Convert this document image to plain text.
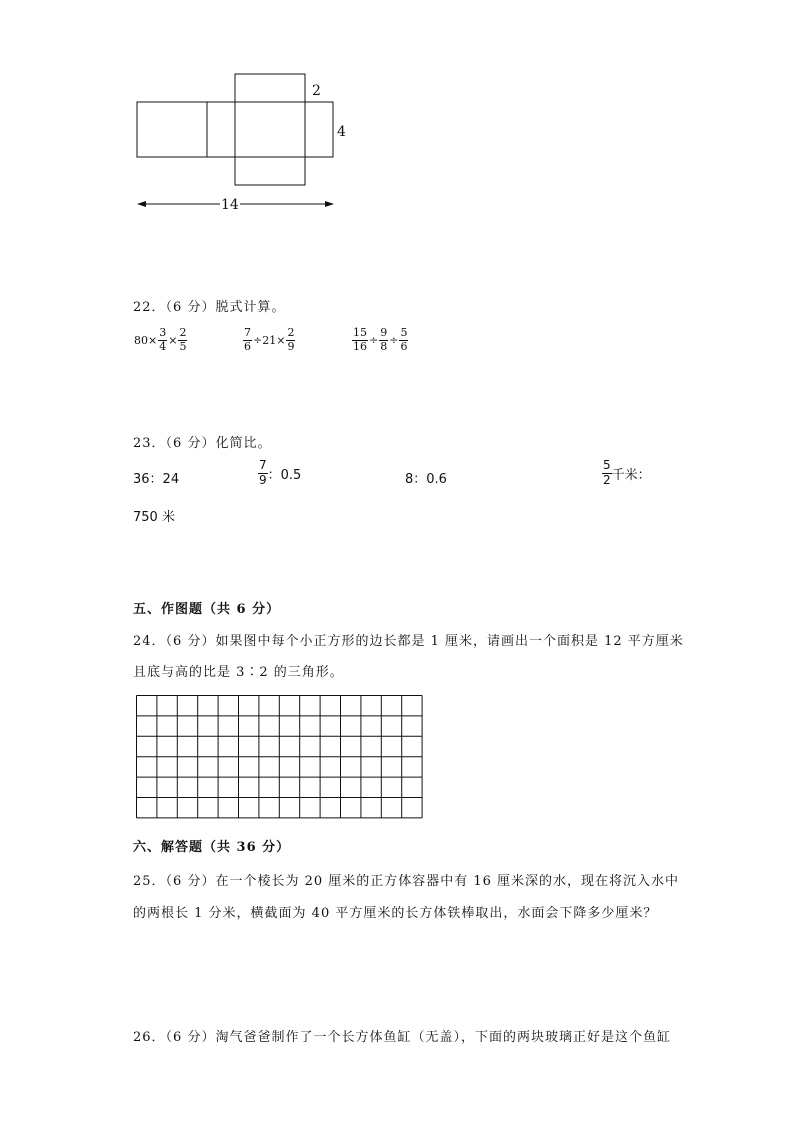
2
4
14
22．（6 分）脱式计算。
$80\times \frac{3}{4} \times \frac{2}{5}$	$\frac{7}{6} \div 21\times \frac{2}{9}$	$\frac{15}{16} \div \frac{9}{8} \div \frac{5}{6}$
23．（6 分）化简比。
36：24	$\frac{7}{9}$ ：0.5	8：0.6	$\frac{5}{2}$ 千米：
750 米
五、作图题（共 6 分）
24．（6 分）如果图中每个小正方形的边长都是 1 厘米，请画出一个面积是 12 平方厘米
且底与高的比是 3∶2 的三角形。
六、解答题（共 36 分）
25．（6 分）在一个棱长为 20 厘米的正方体容器中有 16 厘米深的水，现在将沉入水中
的两根长 1 分米，横截面为 40 平方厘米的长方体铁棒取出，水面会下降多少厘米？
26．（6 分）淘气爸爸制作了一个长方体鱼缸（无盖），下面的两块玻璃正好是这个鱼缸
